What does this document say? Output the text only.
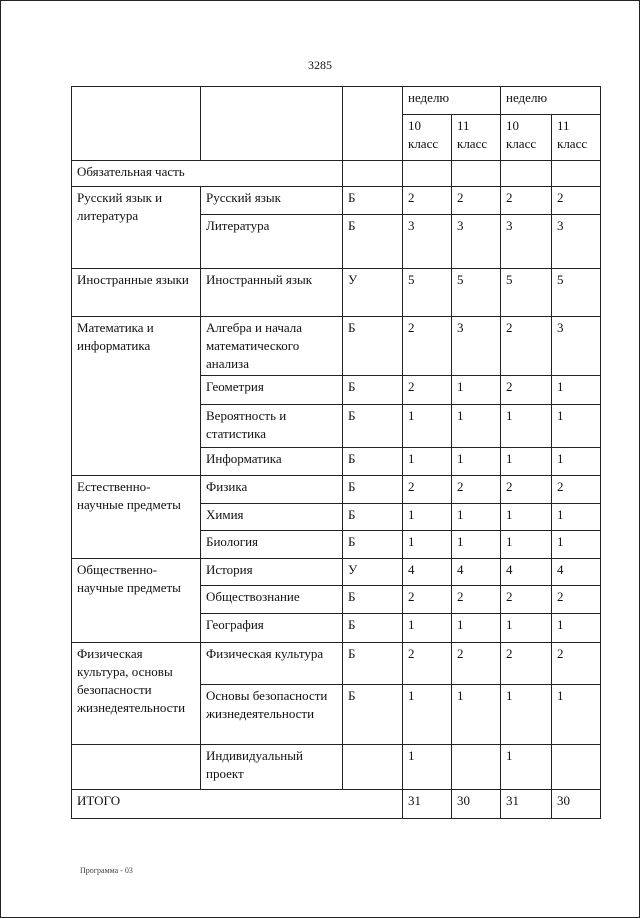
3285
			неделю		неделю	
			10 класс	11 класс	10 класс	11 класс
Обязательная часть						
Русский язык и литература	Русский язык	Б	2	2	2	2
	Литература	Б	3	3	3	3
Иностранные языки	Иностранный язык	У	5	5	5	5
Математика и информатика	Алгебра и начала математического анализа	Б	2	3	2	3
	Геометрия	Б	2	1	2	1
	Вероятность и статистика	Б	1	1	1	1
	Информатика	Б	1	1	1	1
Естественно-научные предметы	Физика	Б	2	2	2	2
	Химия	Б	1	1	1	1
	Биология	Б	1	1	1	1
Общественно-научные предметы	История	У	4	4	4	4
	Обществознание	Б	2	2	2	2
	География	Б	1	1	1	1
Физическая культура, основы безопасности жизнедеятельности	Физическая культура	Б	2	2	2	2
	Основы безопасности жизнедеятельности	Б	1	1	1	1
	Индивидуальный проект		1		1	
ИТОГО			31	30	31	30
Программа - 03
